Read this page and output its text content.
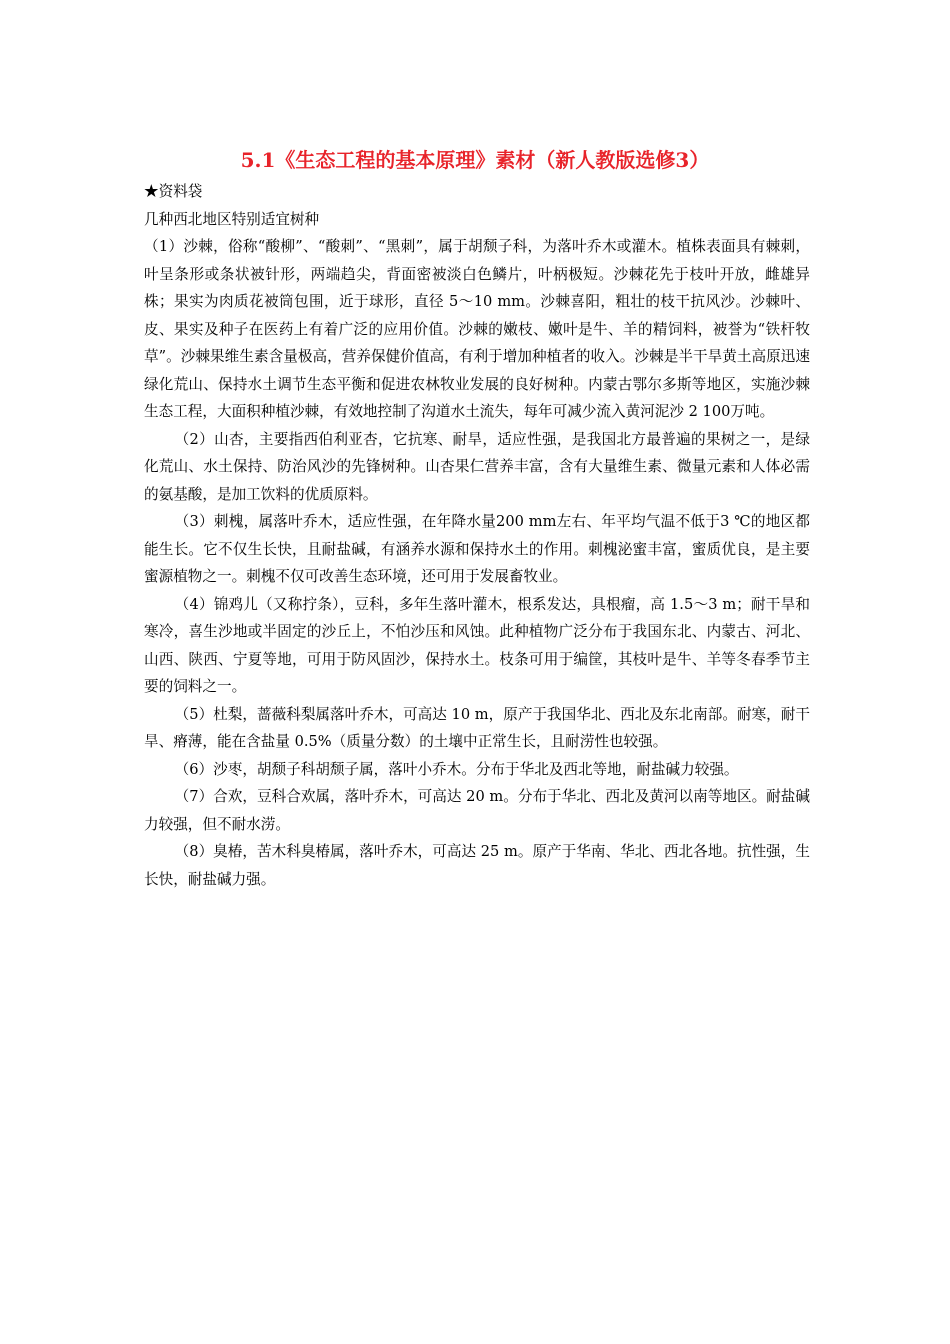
5.1《生态工程的基本原理》素材（新人教版选修3）

★资料袋

几种西北地区特别适宜树种

（1）沙棘，俗称“酸柳”、“酸刺”、“黑刺”，属于胡颓子科，为落叶乔木或灌木。植株表面具有棘刺，叶呈条形或条状被针形，两端趋尖，背面密被淡白色鳞片，叶柄极短。沙棘花先于枝叶开放，雌雄异株；果实为肉质花被筒包围，近于球形，直径 5～10 mm。沙棘喜阳，粗壮的枝干抗风沙。沙棘叶、皮、果实及种子在医药上有着广泛的应用价值。沙棘的嫩枝、嫩叶是牛、羊的精饲料，被誉为“铁杆牧草”。沙棘果维生素含量极高，营养保健价值高，有利于增加种植者的收入。沙棘是半干旱黄土高原迅速绿化荒山、保持水土调节生态平衡和促进农林牧业发展的良好树种。内蒙古鄂尔多斯等地区，实施沙棘生态工程，大面积种植沙棘，有效地控制了沟道水土流失，每年可减少流入黄河泥沙 2 100万吨。

（2）山杏，主要指西伯利亚杏，它抗寒、耐旱，适应性强，是我国北方最普遍的果树之一，是绿化荒山、水土保持、防治风沙的先锋树种。山杏果仁营养丰富，含有大量维生素、微量元素和人体必需的氨基酸，是加工饮料的优质原料。

（3）刺槐，属落叶乔木，适应性强，在年降水量200 mm左右、年平均气温不低于3 ℃的地区都能生长。它不仅生长快，且耐盐碱，有涵养水源和保持水土的作用。刺槐泌蜜丰富，蜜质优良，是主要蜜源植物之一。刺槐不仅可改善生态环境，还可用于发展畜牧业。

（4）锦鸡儿（又称拧条），豆科，多年生落叶灌木，根系发达，具根瘤，高 1.5～3 m；耐干旱和寒冷，喜生沙地或半固定的沙丘上，不怕沙压和风蚀。此种植物广泛分布于我国东北、内蒙古、河北、山西、陕西、宁夏等地，可用于防风固沙，保持水土。枝条可用于编筐，其枝叶是牛、羊等冬春季节主要的饲料之一。

（5）杜梨，蔷薇科梨属落叶乔木，可高达 10 m，原产于我国华北、西北及东北南部。耐寒，耐干旱、瘠薄，能在含盐量 0.5%（质量分数）的土壤中正常生长，且耐涝性也较强。

（6）沙枣，胡颓子科胡颓子属，落叶小乔木。分布于华北及西北等地，耐盐碱力较强。

（7）合欢，豆科合欢属，落叶乔木，可高达 20 m。分布于华北、西北及黄河以南等地区。耐盐碱力较强，但不耐水涝。

（8）臭椿，苦木科臭椿属，落叶乔木，可高达 25 m。原产于华南、华北、西北各地。抗性强，生长快，耐盐碱力强。
